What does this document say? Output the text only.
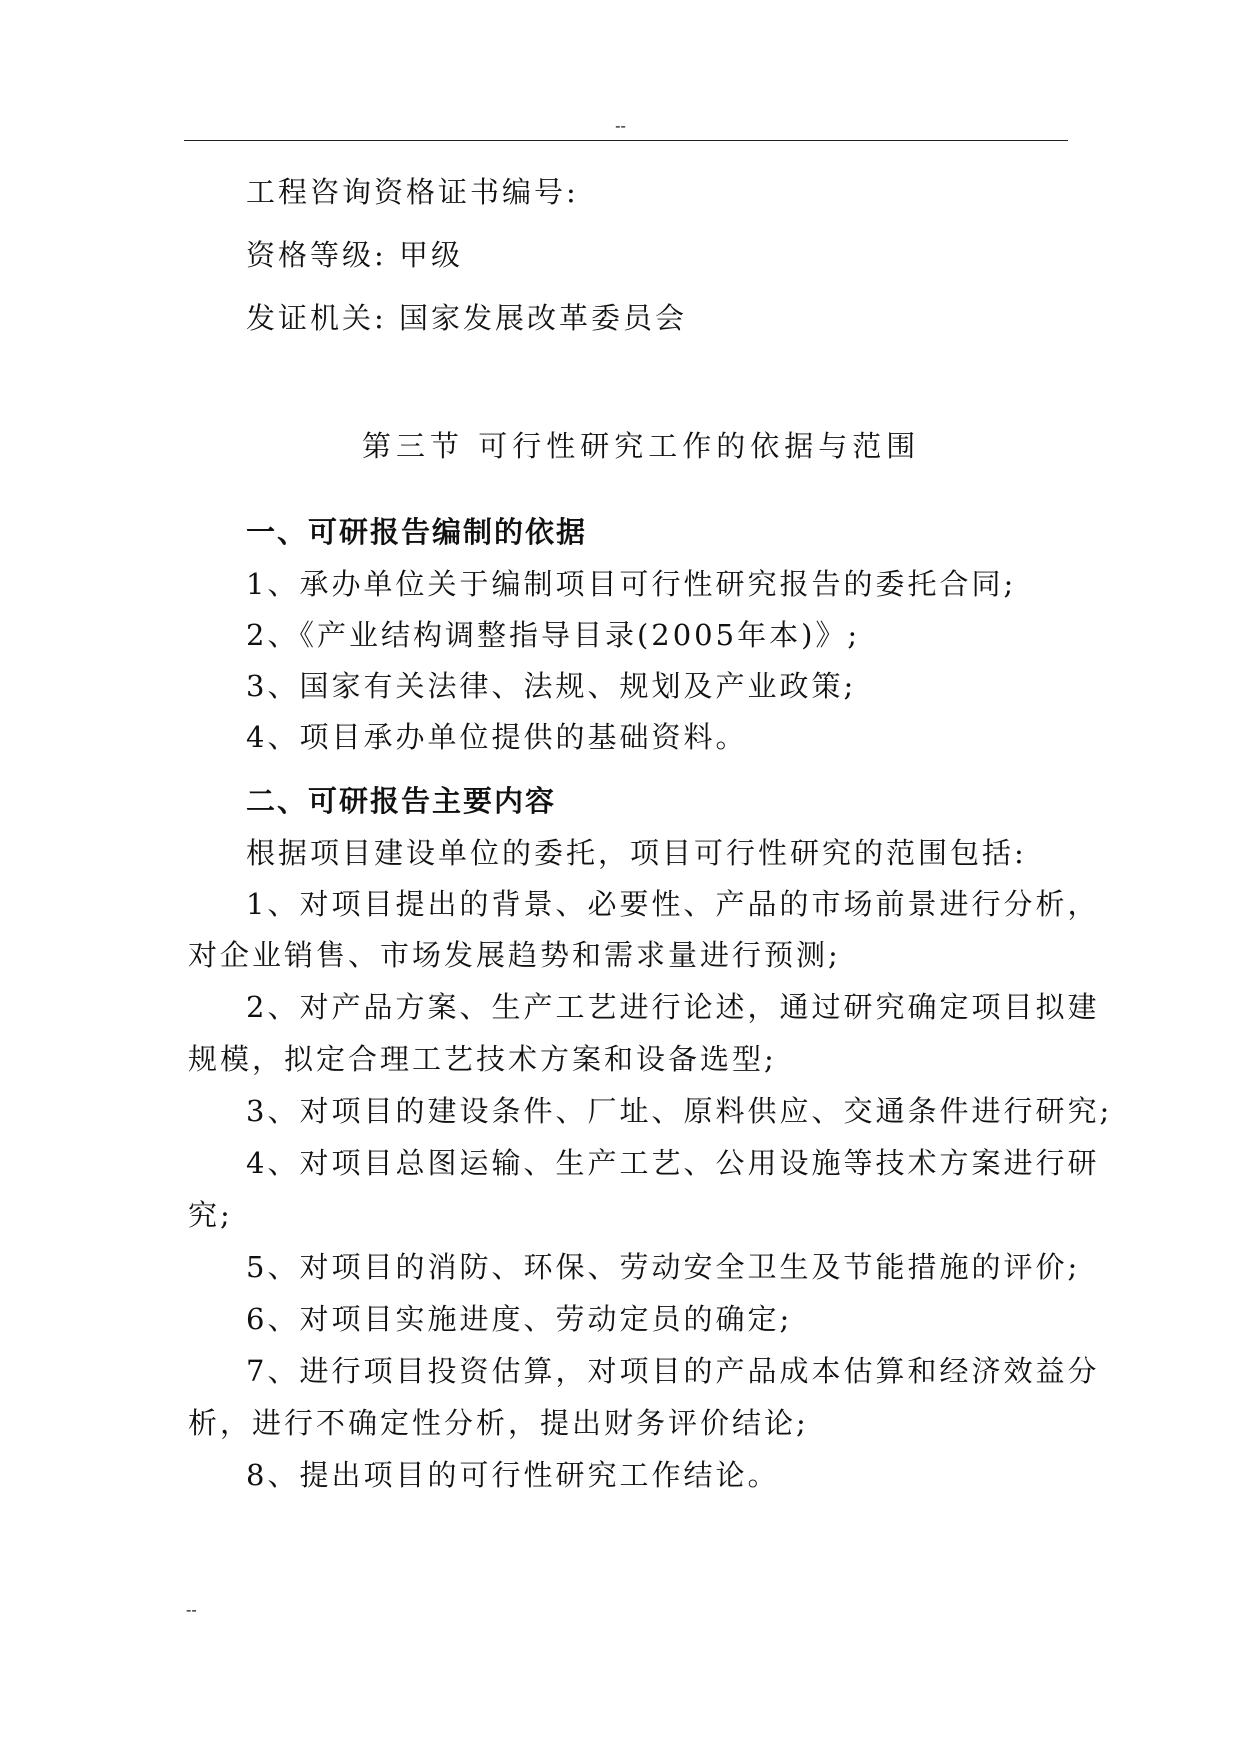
--
工程咨询资格证书编号:
资格等级: 甲级
发证机关: 国家发展改革委员会
第三节 可行性研究工作的依据与范围
一、可研报告编制的依据
1、承办单位关于编制项目可行性研究报告的委托合同;
2、《产业结构调整指导目录(2005年本)》;
3、国家有关法律、法规、规划及产业政策;
4、项目承办单位提供的基础资料。
二、可研报告主要内容
根据项目建设单位的委托，项目可行性研究的范围包括:
1、对项目提出的背景、必要性、产品的市场前景进行分析，
对企业销售、市场发展趋势和需求量进行预测;
2、对产品方案、生产工艺进行论述，通过研究确定项目拟建
规模，拟定合理工艺技术方案和设备选型;
3、对项目的建设条件、厂址、原料供应、交通条件进行研究;
4、对项目总图运输、生产工艺、公用设施等技术方案进行研
究;
5、对项目的消防、环保、劳动安全卫生及节能措施的评价;
6、对项目实施进度、劳动定员的确定;
7、进行项目投资估算，对项目的产品成本估算和经济效益分
析，进行不确定性分析，提出财务评价结论;
8、提出项目的可行性研究工作结论。
--
